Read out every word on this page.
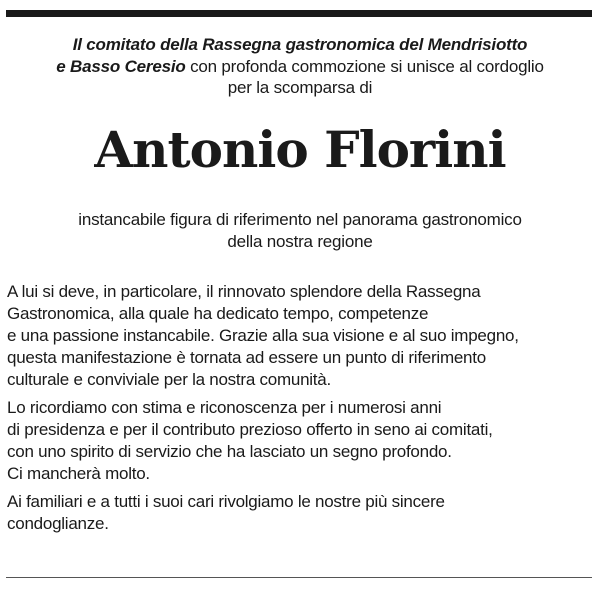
Il comitato della Rassegna gastronomica del Mendrisiotto
e Basso Ceresio con profonda commozione si unisce al cordoglio
per la scomparsa di
Antonio Florini
instancabile figura di riferimento nel panorama gastronomico
della nostra regione

A lui si deve, in particolare, il rinnovato splendore della Rassegna
Gastronomica, alla quale ha dedicato tempo, competenze
e una passione instancabile. Grazie alla sua visione e al suo impegno,
questa manifestazione è tornata ad essere un punto di riferimento
culturale e conviviale per la nostra comunità.

Lo ricordiamo con stima e riconoscenza per i numerosi anni
di presidenza e per il contributo prezioso offerto in seno ai comitati,
con uno spirito di servizio che ha lasciato un segno profondo.
Ci mancherà molto.

Ai familiari e a tutti i suoi cari rivolgiamo le nostre più sincere
condoglianze.
